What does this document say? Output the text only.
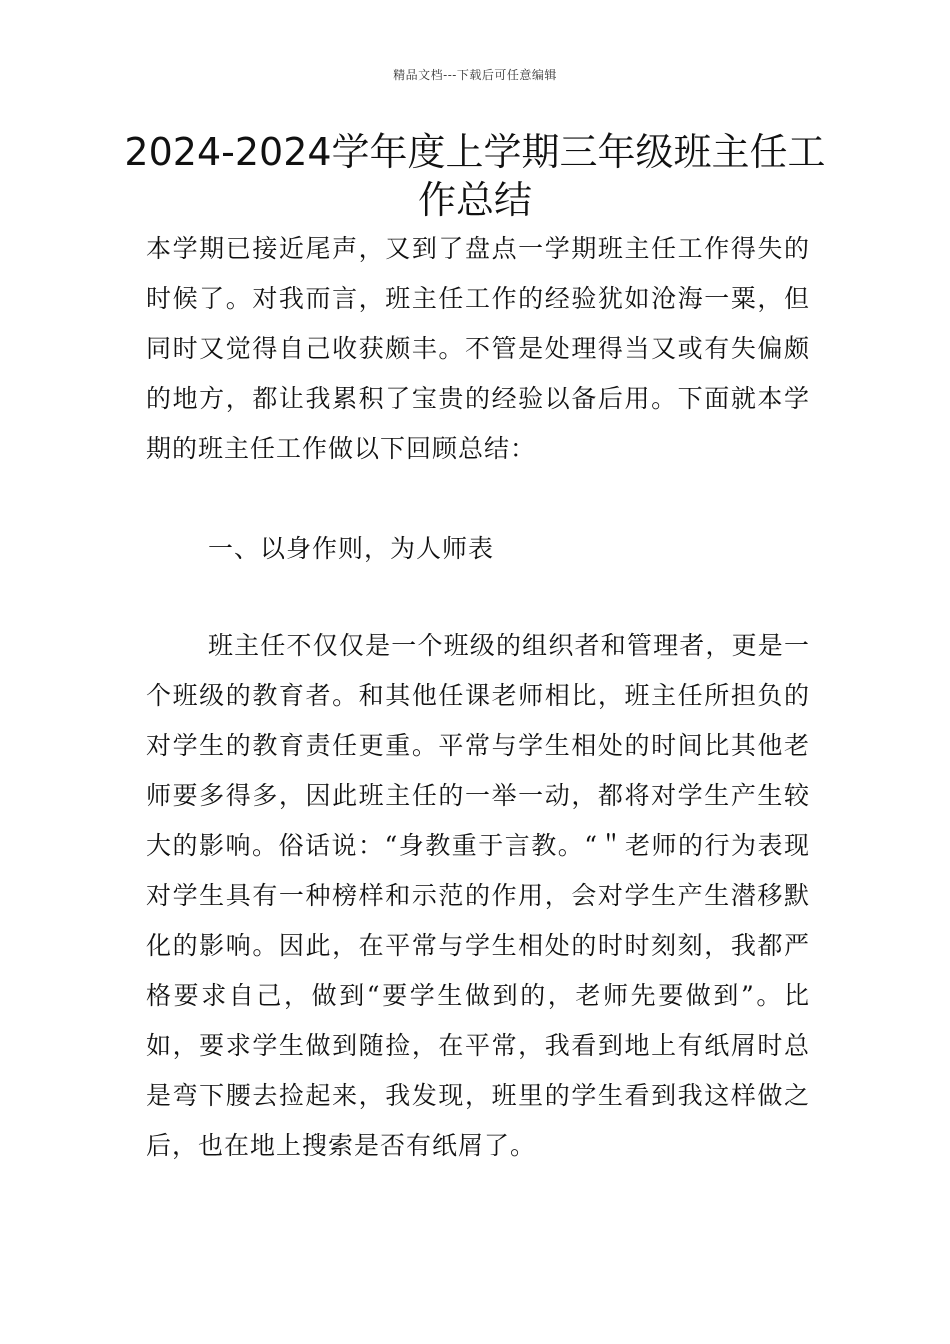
精品文档---下载后可任意编辑
2024-2024学年度上学期三年级班主任工作总结

本学期已接近尾声，又到了盘点一学期班主任工作得失的时候了。对我而言，班主任工作的经验犹如沧海一粟，但同时又觉得自己收获颇丰。不管是处理得当又或有失偏颇的地方，都让我累积了宝贵的经验以备后用。下面就本学期的班主任工作做以下回顾总结：

一、以身作则，为人师表

班主任不仅仅是一个班级的组织者和管理者，更是一个班级的教育者。和其他任课老师相比，班主任所担负的对学生的教育责任更重。平常与学生相处的时间比其他老师要多得多，因此班主任的一举一动，都将对学生产生较大的影响。俗话说：“身教重于言教。“＂老师的行为表现对学生具有一种榜样和示范的作用，会对学生产生潜移默化的影响。因此，在平常与学生相处的时时刻刻，我都严格要求自己，做到“要学生做到的，老师先要做到”。比如，要求学生做到随捡，在平常，我看到地上有纸屑时总是弯下腰去捡起来，我发现，班里的学生看到我这样做之后，也在地上搜索是否有纸屑了。
